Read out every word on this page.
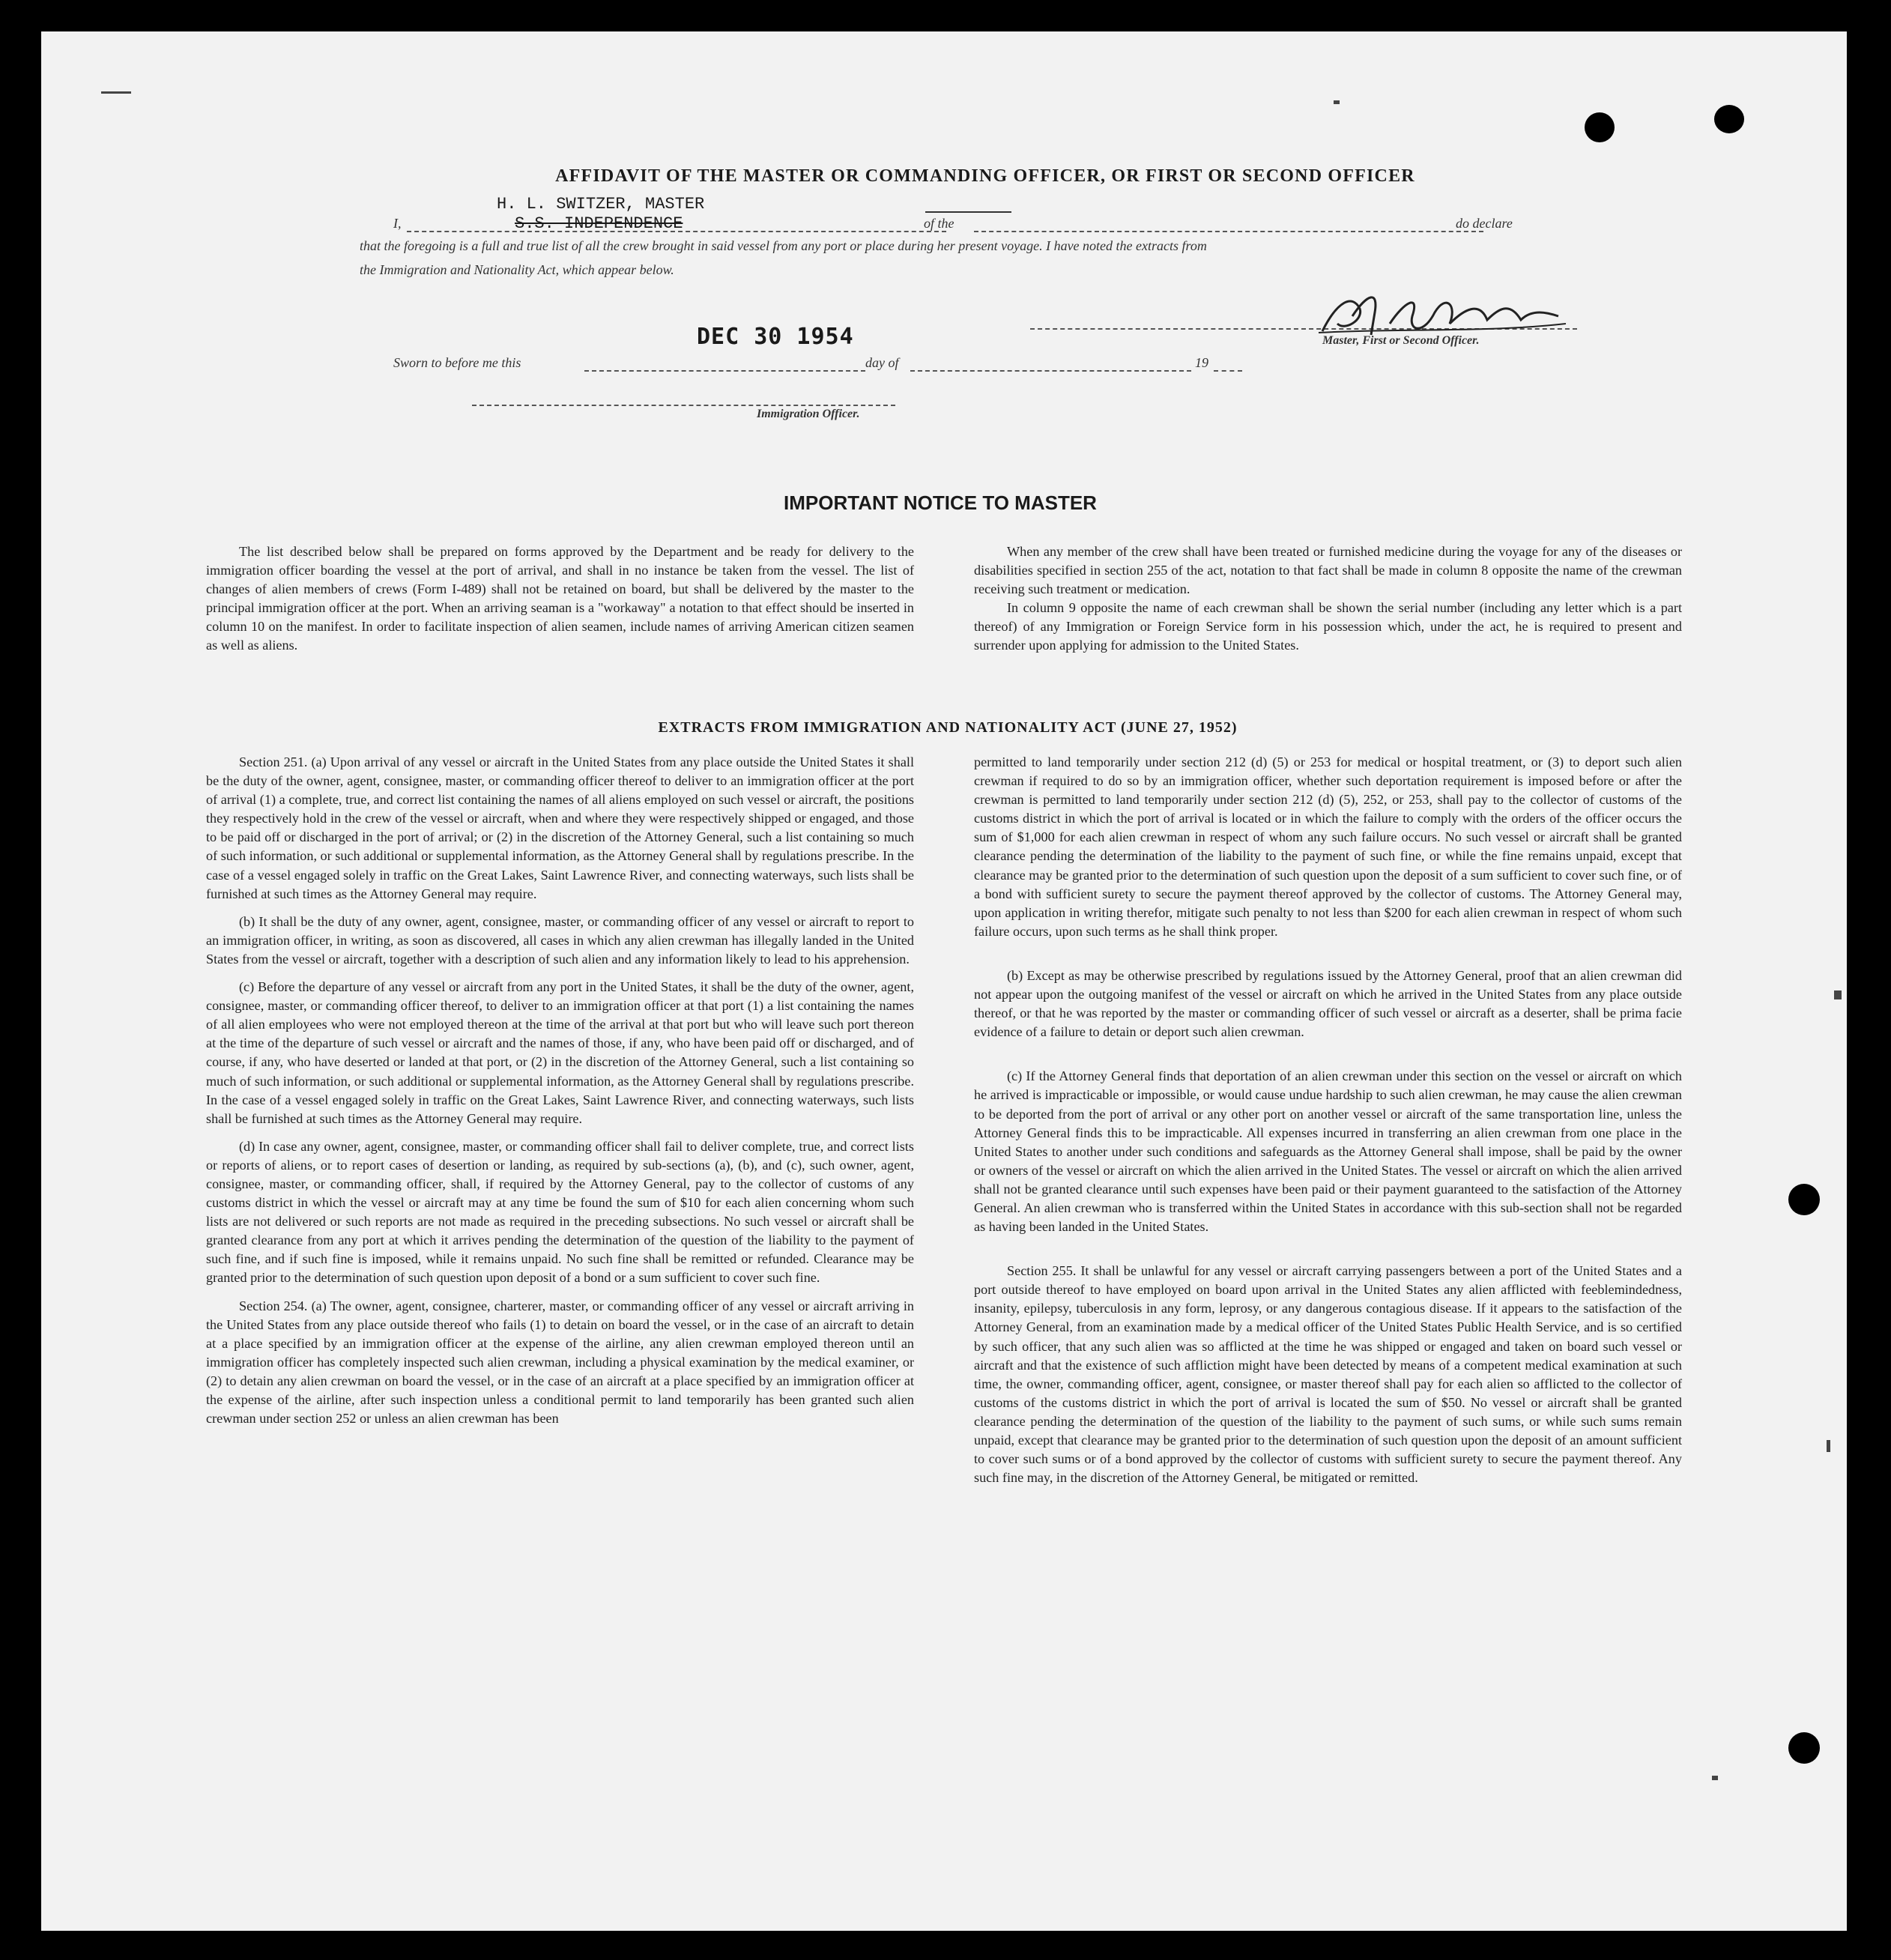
AFFIDAVIT OF THE MASTER OR COMMANDING OFFICER, OR FIRST OR SECOND OFFICER
I,
H. L. SWITZER, MASTER
S.S. INDEPENDENCE	of the	do declare
that the foregoing is a full and true list of all the crew brought in said vessel from any port or place during her present voyage. I have noted the extracts from
the Immigration and Nationality Act, which appear below.
Master, First or Second Officer.
DEC 30 1954
Sworn to before me this	day of	19
Immigration Officer.
IMPORTANT NOTICE TO MASTER

The list described below shall be prepared on forms approved by the Department and be ready for delivery to the immigration officer boarding the vessel at the port of arrival, and shall in no instance be taken from the vessel. The list of changes of alien members of crews (Form I-489) shall not be retained on board, but shall be delivered by the master to the principal immigration officer at the port. When an arriving seaman is a "workaway" a notation to that effect should be inserted in column 10 on the manifest. In order to facilitate inspection of alien seamen, include names of arriving American citizen seamen as well as aliens.

When any member of the crew shall have been treated or furnished medicine during the voyage for any of the diseases or disabilities specified in section 255 of the act, notation to that fact shall be made in column 8 opposite the name of the crewman receiving such treatment or medication.

In column 9 opposite the name of each crewman shall be shown the serial number (including any letter which is a part thereof) of any Immigration or Foreign Service form in his possession which, under the act, he is required to present and surrender upon applying for admission to the United States.

EXTRACTS FROM IMMIGRATION AND NATIONALITY ACT (JUNE 27, 1952)

Section 251. (a) Upon arrival of any vessel or aircraft in the United States from any place outside the United States it shall be the duty of the owner, agent, consignee, master, or commanding officer thereof to deliver to an immigration officer at the port of arrival (1) a complete, true, and correct list containing the names of all aliens employed on such vessel or aircraft, the positions they respectively hold in the crew of the vessel or aircraft, when and where they were respectively shipped or engaged, and those to be paid off or discharged in the port of arrival; or (2) in the discretion of the Attorney General, such a list containing so much of such information, or such additional or supplemental information, as the Attorney General shall by regulations prescribe. In the case of a vessel engaged solely in traffic on the Great Lakes, Saint Lawrence River, and connecting waterways, such lists shall be furnished at such times as the Attorney General may require.

(b) It shall be the duty of any owner, agent, consignee, master, or commanding officer of any vessel or aircraft to report to an immigration officer, in writing, as soon as discovered, all cases in which any alien crewman has illegally landed in the United States from the vessel or aircraft, together with a description of such alien and any information likely to lead to his apprehension.

(c) Before the departure of any vessel or aircraft from any port in the United States, it shall be the duty of the owner, agent, consignee, master, or commanding officer thereof, to deliver to an immigration officer at that port (1) a list containing the names of all alien employees who were not employed thereon at the time of the arrival at that port but who will leave such port thereon at the time of the departure of such vessel or aircraft and the names of those, if any, who have been paid off or discharged, and of course, if any, who have deserted or landed at that port, or (2) in the discretion of the Attorney General, such a list containing so much of such information, or such additional or supplemental information, as the Attorney General shall by regulations prescribe. In the case of a vessel engaged solely in traffic on the Great Lakes, Saint Lawrence River, and connecting waterways, such lists shall be furnished at such times as the Attorney General may require.

(d) In case any owner, agent, consignee, master, or commanding officer shall fail to deliver complete, true, and correct lists or reports of aliens, or to report cases of desertion or landing, as required by sub-sections (a), (b), and (c), such owner, agent, consignee, master, or commanding officer, shall, if required by the Attorney General, pay to the collector of customs of any customs district in which the vessel or aircraft may at any time be found the sum of $10 for each alien concerning whom such lists are not delivered or such reports are not made as required in the preceding subsections. No such vessel or aircraft shall be granted clearance from any port at which it arrives pending the determination of the question of the liability to the payment of such fine, and if such fine is imposed, while it remains unpaid. No such fine shall be remitted or refunded. Clearance may be granted prior to the determination of such question upon deposit of a bond or a sum sufficient to cover such fine.

Section 254. (a) The owner, agent, consignee, charterer, master, or commanding officer of any vessel or aircraft arriving in the United States from any place outside thereof who fails (1) to detain on board the vessel, or in the case of an aircraft to detain at a place specified by an immigration officer at the expense of the airline, any alien crewman employed thereon until an immigration officer has completely inspected such alien crewman, including a physical examination by the medical examiner, or (2) to detain any alien crewman on board the vessel, or in the case of an aircraft at a place specified by an immigration officer at the expense of the airline, after such inspection unless a conditional permit to land temporarily has been granted such alien crewman under section 252 or unless an alien crewman has been

permitted to land temporarily under section 212 (d) (5) or 253 for medical or hospital treatment, or (3) to deport such alien crewman if required to do so by an immigration officer, whether such deportation requirement is imposed before or after the crewman is permitted to land temporarily under section 212 (d) (5), 252, or 253, shall pay to the collector of customs of the customs district in which the port of arrival is located or in which the failure to comply with the orders of the officer occurs the sum of $1,000 for each alien crewman in respect of whom any such failure occurs. No such vessel or aircraft shall be granted clearance pending the determination of the liability to the payment of such fine, or while the fine remains unpaid, except that clearance may be granted prior to the determination of such question upon the deposit of a sum sufficient to cover such fine, or of a bond with sufficient surety to secure the payment thereof approved by the collector of customs. The Attorney General may, upon application in writing therefor, mitigate such penalty to not less than $200 for each alien crewman in respect of whom such failure occurs, upon such terms as he shall think proper.

(b) Except as may be otherwise prescribed by regulations issued by the Attorney General, proof that an alien crewman did not appear upon the outgoing manifest of the vessel or aircraft on which he arrived in the United States from any place outside thereof, or that he was reported by the master or commanding officer of such vessel or aircraft as a deserter, shall be prima facie evidence of a failure to detain or deport such alien crewman.

(c) If the Attorney General finds that deportation of an alien crewman under this section on the vessel or aircraft on which he arrived is impracticable or impossible, or would cause undue hardship to such alien crewman, he may cause the alien crewman to be deported from the port of arrival or any other port on another vessel or aircraft of the same transportation line, unless the Attorney General finds this to be impracticable. All expenses incurred in transferring an alien crewman from one place in the United States to another under such conditions and safeguards as the Attorney General shall impose, shall be paid by the owner or owners of the vessel or aircraft on which the alien arrived in the United States. The vessel or aircraft on which the alien arrived shall not be granted clearance until such expenses have been paid or their payment guaranteed to the satisfaction of the Attorney General. An alien crewman who is transferred within the United States in accordance with this sub-section shall not be regarded as having been landed in the United States.

Section 255. It shall be unlawful for any vessel or aircraft carrying passengers between a port of the United States and a port outside thereof to have employed on board upon arrival in the United States any alien afflicted with feeblemindedness, insanity, epilepsy, tuberculosis in any form, leprosy, or any dangerous contagious disease. If it appears to the satisfaction of the Attorney General, from an examination made by a medical officer of the United States Public Health Service, and is so certified by such officer, that any such alien was so afflicted at the time he was shipped or engaged and taken on board such vessel or aircraft and that the existence of such affliction might have been detected by means of a competent medical examination at such time, the owner, commanding officer, agent, consignee, or master thereof shall pay for each alien so afflicted to the collector of customs of the customs district in which the port of arrival is located the sum of $50. No vessel or aircraft shall be granted clearance pending the determination of the question of the liability to the payment of such sums, or while such sums remain unpaid, except that clearance may be granted prior to the determination of such question upon the deposit of an amount sufficient to cover such sums or of a bond approved by the collector of customs with sufficient surety to secure the payment thereof. Any such fine may, in the discretion of the Attorney General, be mitigated or remitted.
